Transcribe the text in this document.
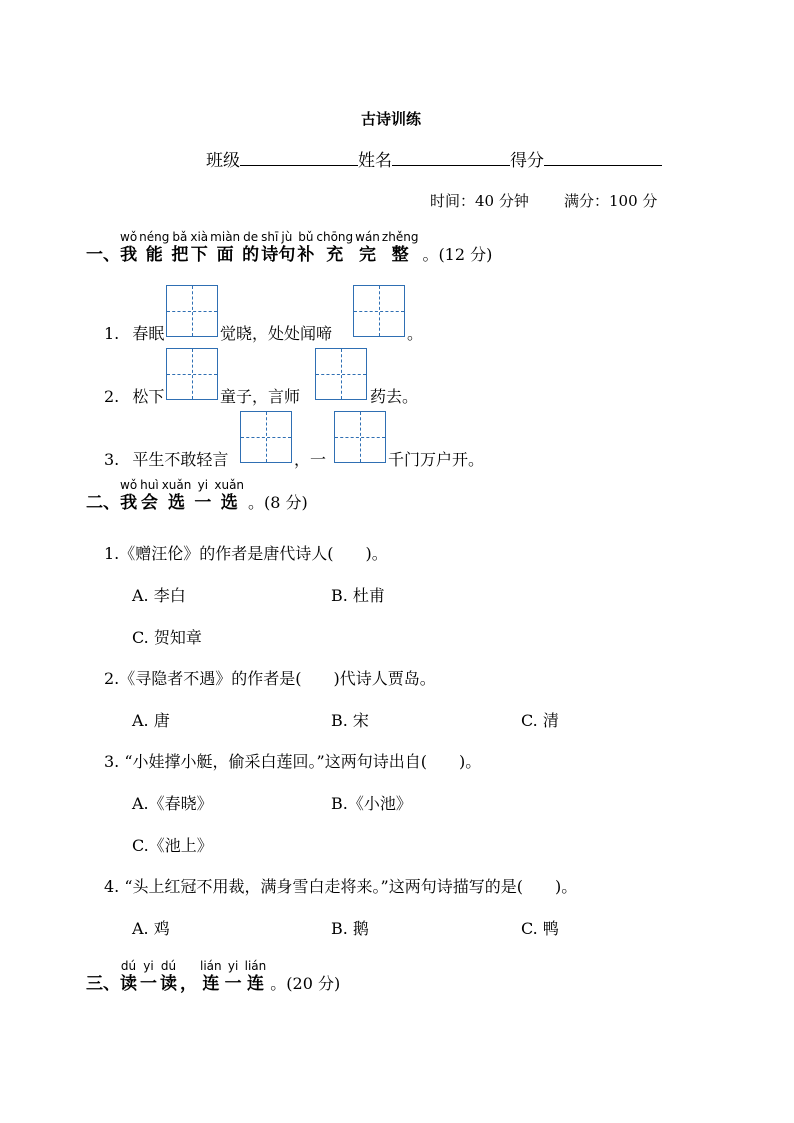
古诗训练
班级	姓名	得分
时间：40 分钟 满分：100 分
一、
wǒ
我
néng
能
bǎ
把
xià
下
miàn
面
de
的
shī
诗
jù
句
bǔ
补
chōng
充
wán
完
zhěng
整 。(12 分)
1. 春眠	觉晓，处处闻啼	。
2. 松下	童子，言师	药去。
3. 平生不敢轻言	，一	千门万户开。
二、
wǒ
我
huì
会
xuǎn
选
yi
一
xuǎn
选 。(8 分)
1.《赠汪伦》的作者是唐代诗人(　　)。
A. 李白	B. 杜甫
C. 贺知章
2.《寻隐者不遇》的作者是(　　)代诗人贾岛。
A. 唐	B. 宋	C. 清
3. “小娃撑小艇，偷采白莲回。”这两句诗出自(　　)。
A.《春晓》	B.《小池》
C.《池上》
4. “头上红冠不用裁，满身雪白走将来。”这两句诗描写的是(　　)。
A. 鸡	B. 鹅	C. 鸭
三、
dú
读
yi
一
dú
读 ，
lián
连
yi
一
lián
连 。(20 分)
